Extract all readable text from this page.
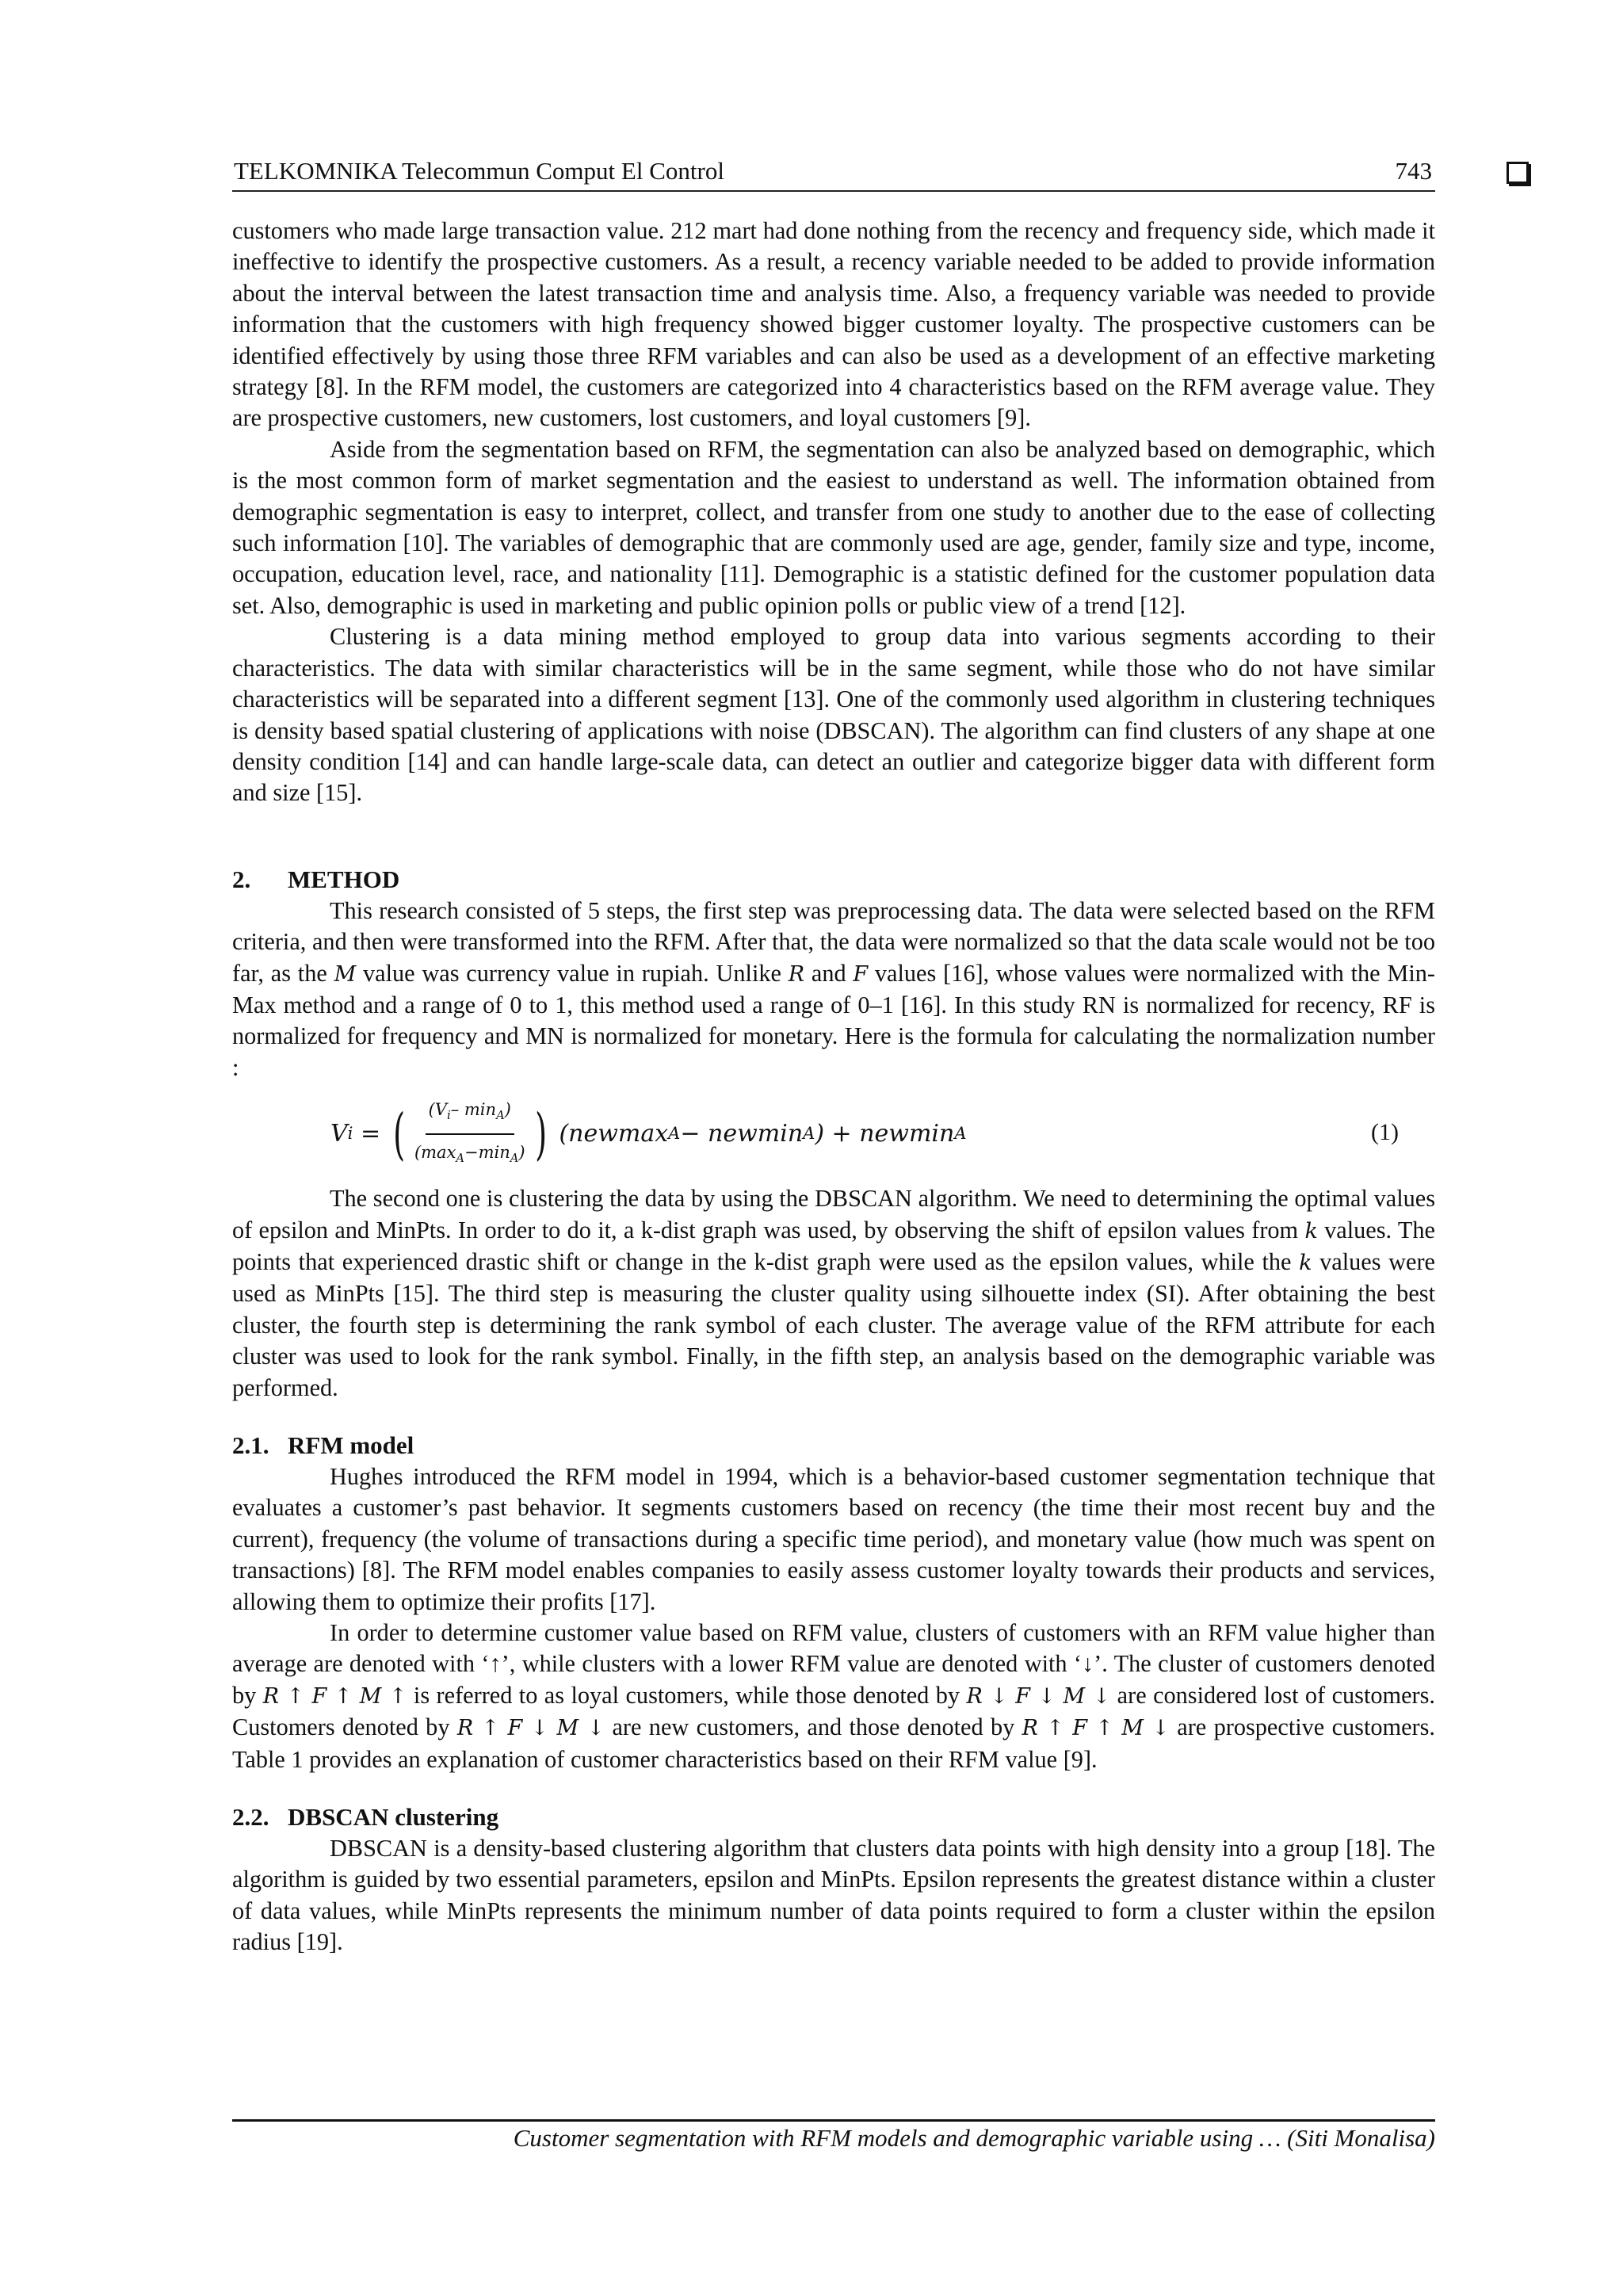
TELKOMNIKA Telecommun Comput El Control	743

customers who made large transaction value. 212 mart had done nothing from the recency and frequency side, which made it ineffective to identify the prospective customers. As a result, a recency variable needed to be added to provide information about the interval between the latest transaction time and analysis time. Also, a frequency variable was needed to provide information that the customers with high frequency showed bigger customer loyalty. The prospective customers can be identified effectively by using those three RFM variables and can also be used as a development of an effective marketing strategy [8]. In the RFM model, the customers are categorized into 4 characteristics based on the RFM average value. They are prospective customers, new customers, lost customers, and loyal customers [9].

Aside from the segmentation based on RFM, the segmentation can also be analyzed based on demographic, which is the most common form of market segmentation and the easiest to understand as well. The information obtained from demographic segmentation is easy to interpret, collect, and transfer from one study to another due to the ease of collecting such information [10]. The variables of demographic that are commonly used are age, gender, family size and type, income, occupation, education level, race, and nationality [11]. Demographic is a statistic defined for the customer population data set. Also, demographic is used in marketing and public opinion polls or public view of a trend [12].

Clustering is a data mining method employed to group data into various segments according to their characteristics. The data with similar characteristics will be in the same segment, while those who do not have similar characteristics will be separated into a different segment [13]. One of the commonly used algorithm in clustering techniques is density based spatial clustering of applications with noise (DBSCAN). The algorithm can find clusters of any shape at one density condition [14] and can handle large-scale data, can detect an outlier and categorize bigger data with different form and size [15].

2. METHOD

This research consisted of 5 steps, the first step was preprocessing data. The data were selected based on the RFM criteria, and then were transformed into the RFM. After that, the data were normalized so that the data scale would not be too far, as the M value was currency value in rupiah. Unlike R and F values [16], whose values were normalized with the Min-Max method and a range of 0 to 1, this method used a range of 0–1 [16]. In this study RN is normalized for recency, RF is normalized for frequency and MN is normalized for monetary. Here is the formula for calculating the normalization number :

V i
=
( $\frac{(V_i- \min_A)}{(\max_A-\min_A)}$ )
(newmax A − newmin A ) + newmin A	(1)

The second one is clustering the data by using the DBSCAN algorithm. We need to determining the optimal values of epsilon and MinPts. In order to do it, a k-dist graph was used, by observing the shift of epsilon values from k values. The points that experienced drastic shift or change in the k-dist graph were used as the epsilon values, while the k values were used as MinPts [15]. The third step is measuring the cluster quality using silhouette index (SI). After obtaining the best cluster, the fourth step is determining the rank symbol of each cluster. The average value of the RFM attribute for each cluster was used to look for the rank symbol. Finally, in the fifth step, an analysis based on the demographic variable was performed.

2.1. RFM model

Hughes introduced the RFM model in 1994, which is a behavior-based customer segmentation technique that evaluates a customer’s past behavior. It segments customers based on recency (the time their most recent buy and the current), frequency (the volume of transactions during a specific time period), and monetary value (how much was spent on transactions) [8]. The RFM model enables companies to easily assess customer loyalty towards their products and services, allowing them to optimize their profits [17].

In order to determine customer value based on RFM value, clusters of customers with an RFM value higher than average are denoted with ‘↑’, while clusters with a lower RFM value are denoted with ‘↓’. The cluster of customers denoted by R ↑ F ↑ M ↑ is referred to as loyal customers, while those denoted by R ↓ F ↓ M ↓ are considered lost of customers. Customers denoted by R ↑ F ↓ M ↓ are new customers, and those denoted by R ↑ F ↑ M ↓ are prospective customers. Table 1 provides an explanation of customer characteristics based on their RFM value [9].

2.2. DBSCAN clustering

DBSCAN is a density-based clustering algorithm that clusters data points with high density into a group [18]. The algorithm is guided by two essential parameters, epsilon and MinPts. Epsilon represents the greatest distance within a cluster of data values, while MinPts represents the minimum number of data points required to form a cluster within the epsilon radius [19].

Customer segmentation with RFM models and demographic variable using … (Siti Monalisa)
